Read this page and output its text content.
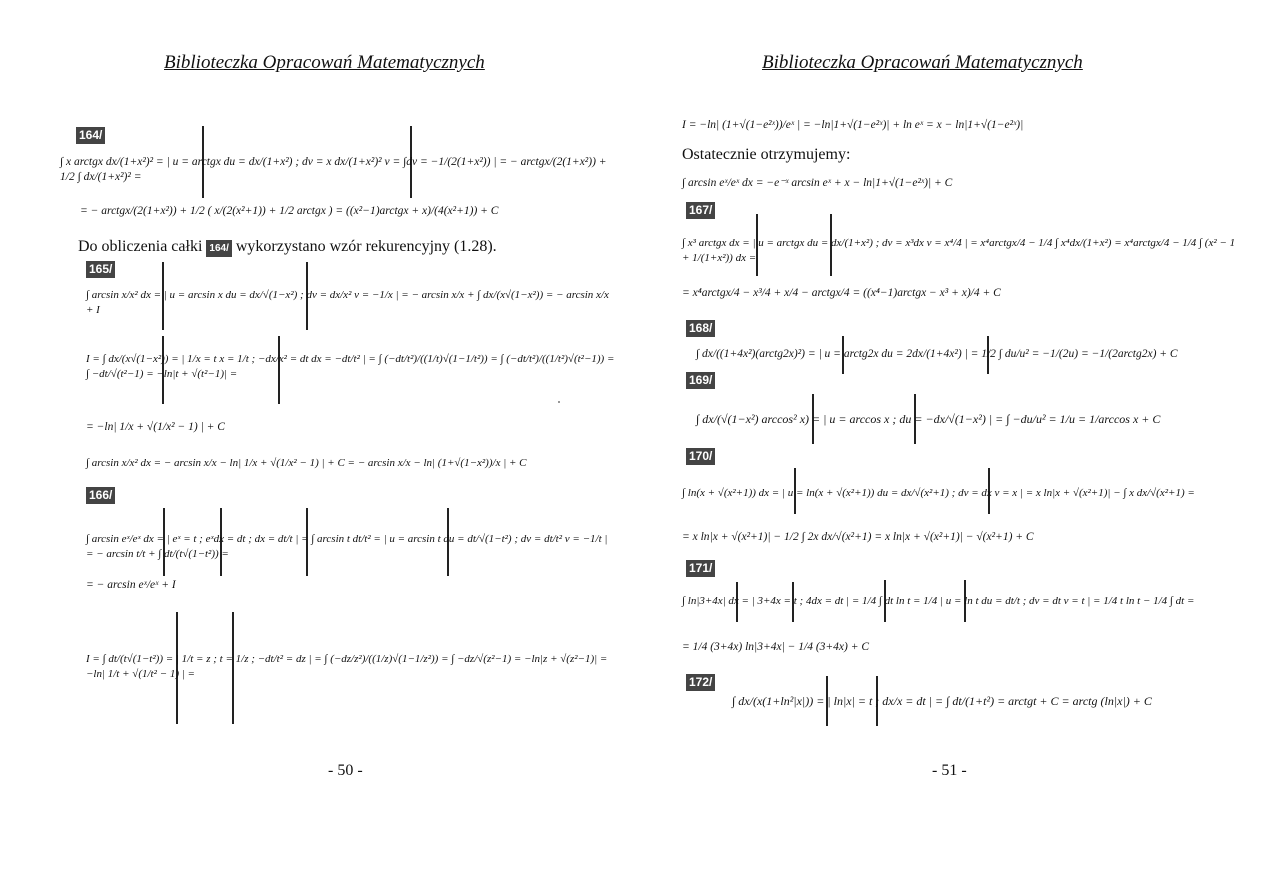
Biblioteczka Opracowań Matematycznych
164/
∫ x arctgx dx/(1+x²)² = | u = arctgx du = dx/(1+x²) ; dv = x dx/(1+x²)² v = ∫dv = −1/(2(1+x²)) | = − arctgx/(2(1+x²)) + 1/2 ∫ dx/(1+x²)² =
= − arctgx/(2(1+x²)) + 1/2 ( x/(2(x²+1)) + 1/2 arctgx ) = ((x²−1)arctgx + x)/(4(x²+1)) + C
Do obliczenia całki 164/ wykorzystano wzór rekurencyjny (1.28).
165/
∫ arcsin x/x² dx = | u = arcsin x du = dx/√(1−x²) ; dv = dx/x² v = −1/x | = − arcsin x/x + ∫ dx/(x√(1−x²)) = − arcsin x/x + I
I = ∫ dx/(x√(1−x²)) = | 1/x = t x = 1/t ; −dx/x² = dt dx = −dt/t² | = ∫ (−dt/t²)/((1/t)√(1−1/t²)) = ∫ (−dt/t²)/((1/t²)√(t²−1)) = ∫ −dt/√(t²−1) = −ln|t + √(t²−1)| =
= −ln| 1/x + √(1/x² − 1) | + C
∫ arcsin x/x² dx = − arcsin x/x − ln| 1/x + √(1/x² − 1) | + C = − arcsin x/x − ln| (1+√(1−x²))/x | + C
166/
∫ arcsin eˣ/eˣ dx = | eˣ = t ; eˣdx = dt ; dx = dt/t | = ∫ arcsin t dt/t² = | u = arcsin t du = dt/√(1−t²) ; dv = dt/t² v = −1/t | = − arcsin t/t + ∫ dt/(t√(1−t²)) =
= − arcsin eˣ/eˣ + I
I = ∫ dt/(t√(1−t²)) = | 1/t = z ; t = 1/z ; −dt/t² = dz | = ∫ (−dz/z²)/((1/z)√(1−1/z²)) = ∫ −dz/√(z²−1) = −ln|z + √(z²−1)| = −ln| 1/t + √(1/t² − 1) | =
- 50 -
Biblioteczka Opracowań Matematycznych
I = −ln| (1+√(1−e²ˣ))/eˣ | = −ln|1+√(1−e²ˣ)| + ln eˣ = x − ln|1+√(1−e²ˣ)|
Ostatecznie otrzymujemy:
∫ arcsin eˣ/eˣ dx = −e⁻ˣ arcsin eˣ + x − ln|1+√(1−e²ˣ)| + C
167/
∫ x³ arctgx dx = | u = arctgx du = dx/(1+x²) ; dv = x³dx v = x⁴/4 | = x⁴arctgx/4 − 1/4 ∫ x⁴dx/(1+x²) = x⁴arctgx/4 − 1/4 ∫ (x² − 1 + 1/(1+x²)) dx =
= x⁴arctgx/4 − x³/4 + x/4 − arctgx/4 = ((x⁴−1)arctgx − x³ + x)/4 + C
168/
∫ dx/((1+4x²)(arctg2x)²) = | u = arctg2x du = 2dx/(1+4x²) | = 1/2 ∫ du/u² = −1/(2u) = −1/(2arctg2x) + C
169/
∫ dx/(√(1−x²) arccos² x) = | u = arccos x ; du = −dx/√(1−x²) | = ∫ −du/u² = 1/u = 1/arccos x + C
170/
∫ ln(x + √(x²+1)) dx = | u = ln(x + √(x²+1)) du = dx/√(x²+1) ; dv = dx v = x | = x ln|x + √(x²+1)| − ∫ x dx/√(x²+1) =
= x ln|x + √(x²+1)| − 1/2 ∫ 2x dx/√(x²+1) = x ln|x + √(x²+1)| − √(x²+1) + C
171/
∫ ln|3+4x| dx = | 3+4x = t ; 4dx = dt | = 1/4 ∫ dt ln t = 1/4 | u = ln t du = dt/t ; dv = dt v = t | = 1/4 t ln t − 1/4 ∫ dt =
= 1/4 (3+4x) ln|3+4x| − 1/4 (3+4x) + C
172/
∫ dx/(x(1+ln²|x|)) = | ln|x| = t ; dx/x = dt | = ∫ dt/(1+t²) = arctgt + C = arctg (ln|x|) + C
- 51 -
